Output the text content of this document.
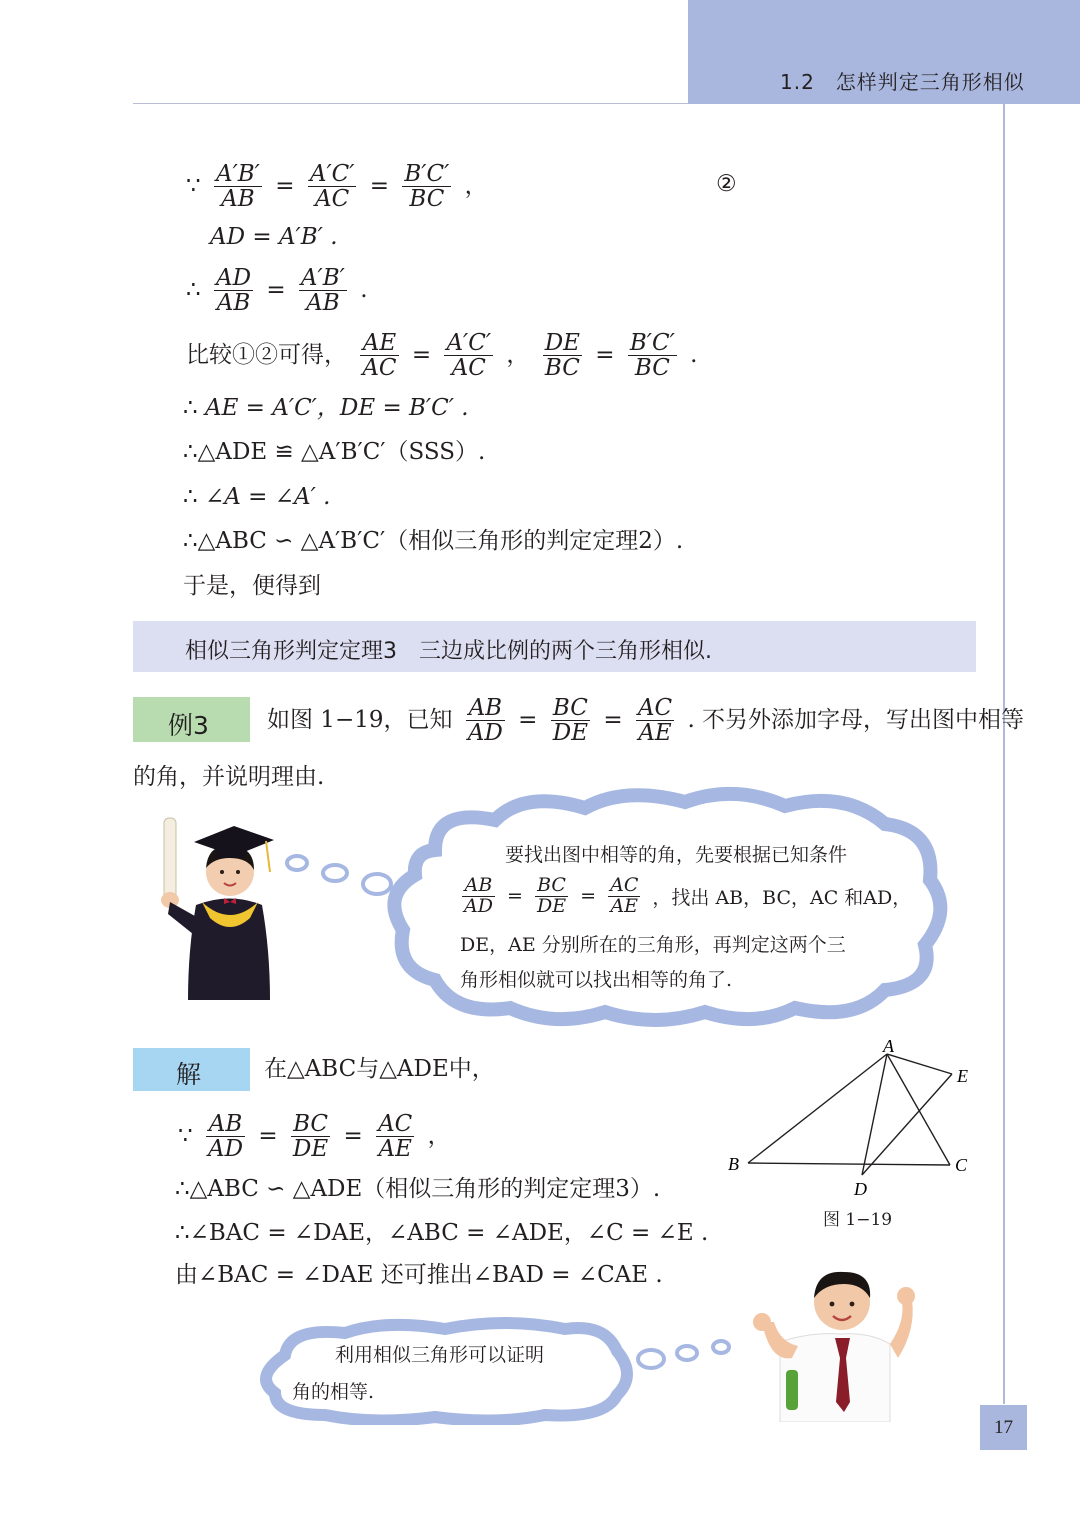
1.2　怎样判定三角形相似
∵ $\frac{A'B'}{AB} = \frac{A'C'}{AC} = \frac{B'C'}{BC}$ ，	②
AD = A′B′ .
∴ $\frac{AD}{AB} = \frac{A'B'}{AB}$ .
比较①②可得， $\frac{AE}{AC} = \frac{A'C'}{AC}$ ， $\frac{DE}{BC} = \frac{B'C'}{BC}$ .
∴ AE = A′C′，DE = B′C′ .
∴△ADE ≌ △A′B′C′（SSS）.
∴ ∠A = ∠A′ .
∴△ABC ∽ △A′B′C′（相似三角形的判定定理2）.
于是，便得到
相似三角形判定定理3　三边成比例的两个三角形相似.
例3	如图 1−19，已知 $\frac{AB}{AD} = \frac{BC}{DE} = \frac{AC}{AE}$ . 不另外添加字母，写出图中相等
的角，并说明理由.
要找出图中相等的角，先要根据已知条件
$\frac{AB}{AD} = \frac{BC}{DE} = \frac{AC}{AE}$ ，找出 AB，BC，AC 和AD，
DE，AE 分别所在的三角形，再判定这两个三
角形相似就可以找出相等的角了.
解	在△ABC与△ADE中，
∵ $\frac{AB}{AD} = \frac{BC}{DE} = \frac{AC}{AE}$ ，
∴△ABC ∽ △ADE（相似三角形的判定定理3）.
∴∠BAC = ∠DAE，∠ABC = ∠ADE，∠C = ∠E .
由∠BAC = ∠DAE 还可推出∠BAD = ∠CAE .
A
E
B	C
D
图 1−19
利用相似三角形可以证明
角的相等.
17
